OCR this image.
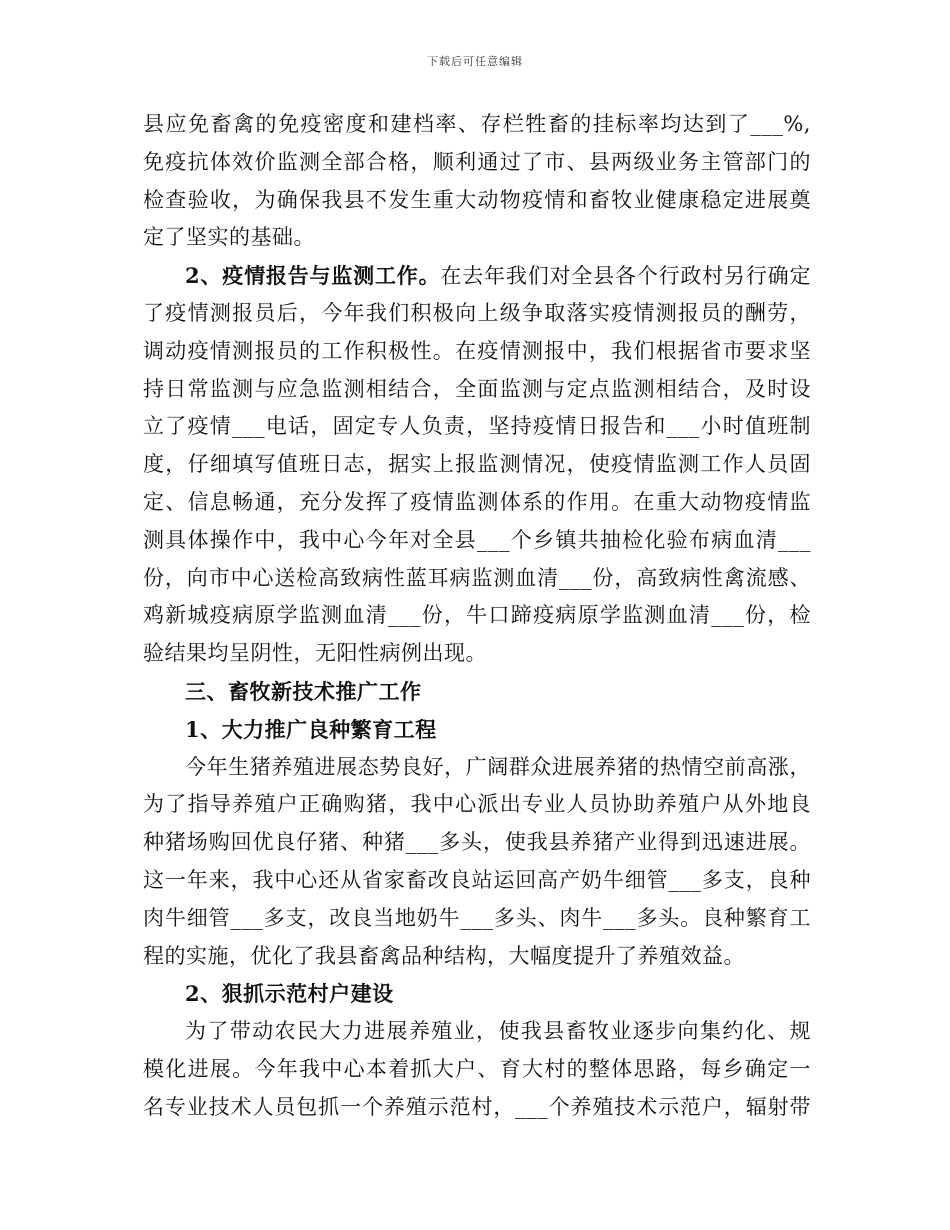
下载后可任意编辑
县应免畜禽的免疫密度和建档率、存栏牲畜的挂标率均达到了___%,
免疫抗体效价监测全部合格，顺利通过了市、县两级业务主管部门的
检查验收，为确保我县不发生重大动物疫情和畜牧业健康稳定进展奠
定了坚实的基础。
2、疫情报告与监测工作。在去年我们对全县各个行政村另行确定
了疫情测报员后，今年我们积极向上级争取落实疫情测报员的酬劳，
调动疫情测报员的工作积极性。在疫情测报中，我们根据省市要求坚
持日常监测与应急监测相结合，全面监测与定点监测相结合，及时设
立了疫情___电话，固定专人负责，坚持疫情日报告和___小时值班制
度，仔细填写值班日志，据实上报监测情况，使疫情监测工作人员固
定、信息畅通，充分发挥了疫情监测体系的作用。在重大动物疫情监
测具体操作中，我中心今年对全县___个乡镇共抽检化验布病血清___
份，向市中心送检高致病性蓝耳病监测血清___份，高致病性禽流感、
鸡新城疫病原学监测血清___份，牛口蹄疫病原学监测血清___份，检
验结果均呈阴性，无阳性病例出现。
三、畜牧新技术推广工作
1、大力推广良种繁育工程
今年生猪养殖进展态势良好，广阔群众进展养猪的热情空前高涨，
为了指导养殖户正确购猪，我中心派出专业人员协助养殖户从外地良
种猪场购回优良仔猪、种猪___多头，使我县养猪产业得到迅速进展。
这一年来，我中心还从省家畜改良站运回高产奶牛细管___多支，良种
肉牛细管___多支，改良当地奶牛___多头、肉牛___多头。良种繁育工
程的实施，优化了我县畜禽品种结构，大幅度提升了养殖效益。
2、狠抓示范村户建设
为了带动农民大力进展养殖业，使我县畜牧业逐步向集约化、规
模化进展。今年我中心本着抓大户、育大村的整体思路，每乡确定一
名专业技术人员包抓一个养殖示范村，___个养殖技术示范户，辐射带
